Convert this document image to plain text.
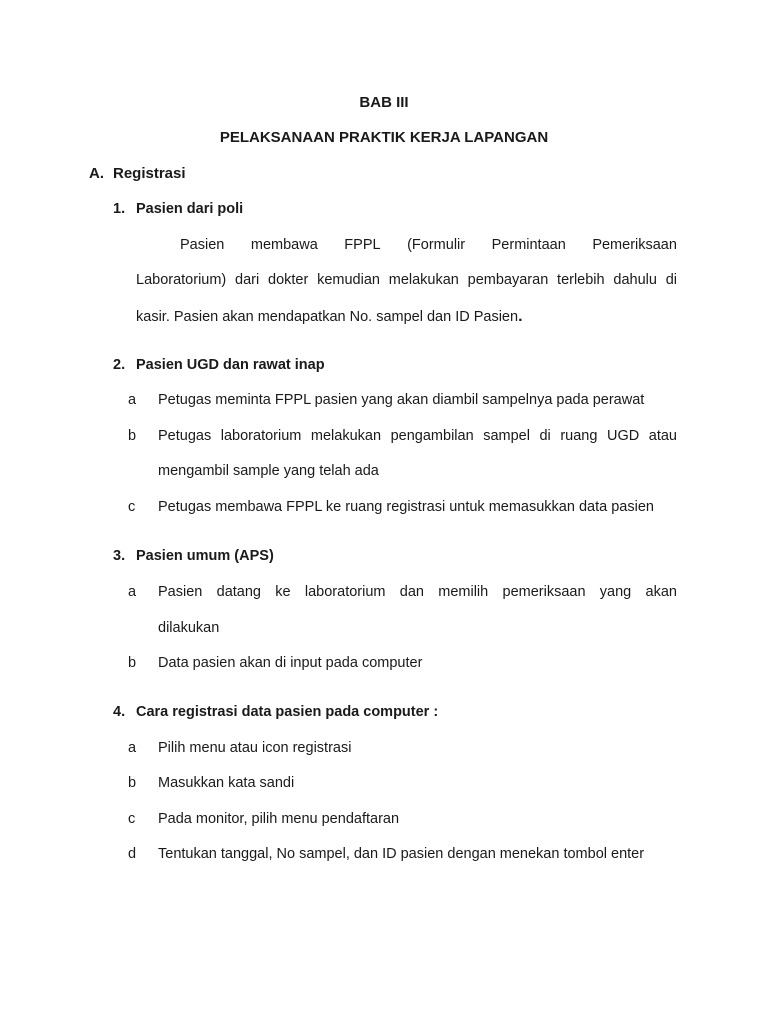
BAB III
PELAKSANAAN PRAKTIK KERJA LAPANGAN
A. Registrasi
1. Pasien dari poli
Pasien membawa FPPL (Formulir Permintaan Pemeriksaan
Laboratorium) dari dokter kemudian melakukan pembayaran terlebih dahulu di
kasir. Pasien akan mendapatkan No. sampel dan ID Pasien.
2. Pasien UGD dan rawat inap
a Petugas meminta FPPL pasien yang akan diambil sampelnya pada perawat
b Petugas laboratorium melakukan pengambilan sampel di ruang UGD atau
mengambil sample yang telah ada
c Petugas membawa FPPL ke ruang registrasi untuk memasukkan data pasien
3. Pasien umum (APS)
a Pasien datang ke laboratorium dan memilih pemeriksaan yang akan
dilakukan
b Data pasien akan di input pada computer
4. Cara registrasi data pasien pada computer :
a Pilih menu atau icon registrasi
b Masukkan kata sandi
c Pada monitor, pilih menu pendaftaran
d Tentukan tanggal, No sampel, dan ID pasien dengan menekan tombol enter
